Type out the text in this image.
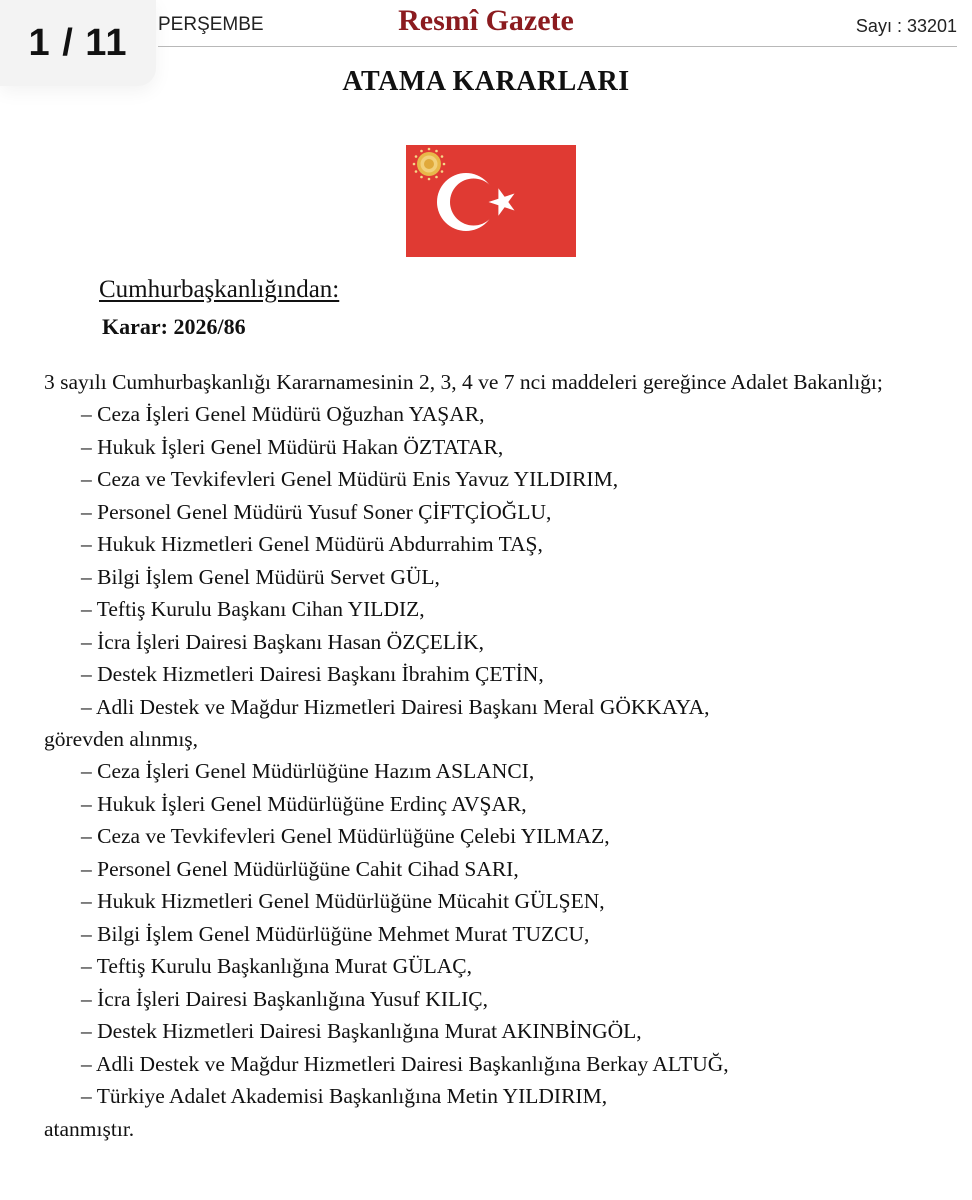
1 / 11 PERŞEMBE	Resmî Gazete	Sayı : 33201
ATAMA KARARLARI
Cumhurbaşkanlığından:
Karar: 2026/86
3 sayılı Cumhurbaşkanlığı Kararnamesinin 2, 3, 4 ve 7 nci maddeleri gereğince Adalet Bakanlığı;
– Ceza İşleri Genel Müdürü Oğuzhan YAŞAR,
– Hukuk İşleri Genel Müdürü Hakan ÖZTATAR,
– Ceza ve Tevkifevleri Genel Müdürü Enis Yavuz YILDIRIM,
– Personel Genel Müdürü Yusuf Soner ÇİFTÇİOĞLU,
– Hukuk Hizmetleri Genel Müdürü Abdurrahim TAŞ,
– Bilgi İşlem Genel Müdürü Servet GÜL,
– Teftiş Kurulu Başkanı Cihan YILDIZ,
– İcra İşleri Dairesi Başkanı Hasan ÖZÇELİK,
– Destek Hizmetleri Dairesi Başkanı İbrahim ÇETİN,
– Adli Destek ve Mağdur Hizmetleri Dairesi Başkanı Meral GÖKKAYA,
görevden alınmış,
– Ceza İşleri Genel Müdürlüğüne Hazım ASLANCI,
– Hukuk İşleri Genel Müdürlüğüne Erdinç AVŞAR,
– Ceza ve Tevkifevleri Genel Müdürlüğüne Çelebi YILMAZ,
– Personel Genel Müdürlüğüne Cahit Cihad SARI,
– Hukuk Hizmetleri Genel Müdürlüğüne Mücahit GÜLŞEN,
– Bilgi İşlem Genel Müdürlüğüne Mehmet Murat TUZCU,
– Teftiş Kurulu Başkanlığına Murat GÜLAÇ,
– İcra İşleri Dairesi Başkanlığına Yusuf KILIÇ,
– Destek Hizmetleri Dairesi Başkanlığına Murat AKINBİNGÖL,
– Adli Destek ve Mağdur Hizmetleri Dairesi Başkanlığına Berkay ALTUĞ,
– Türkiye Adalet Akademisi Başkanlığına Metin YILDIRIM,
atanmıştır.
